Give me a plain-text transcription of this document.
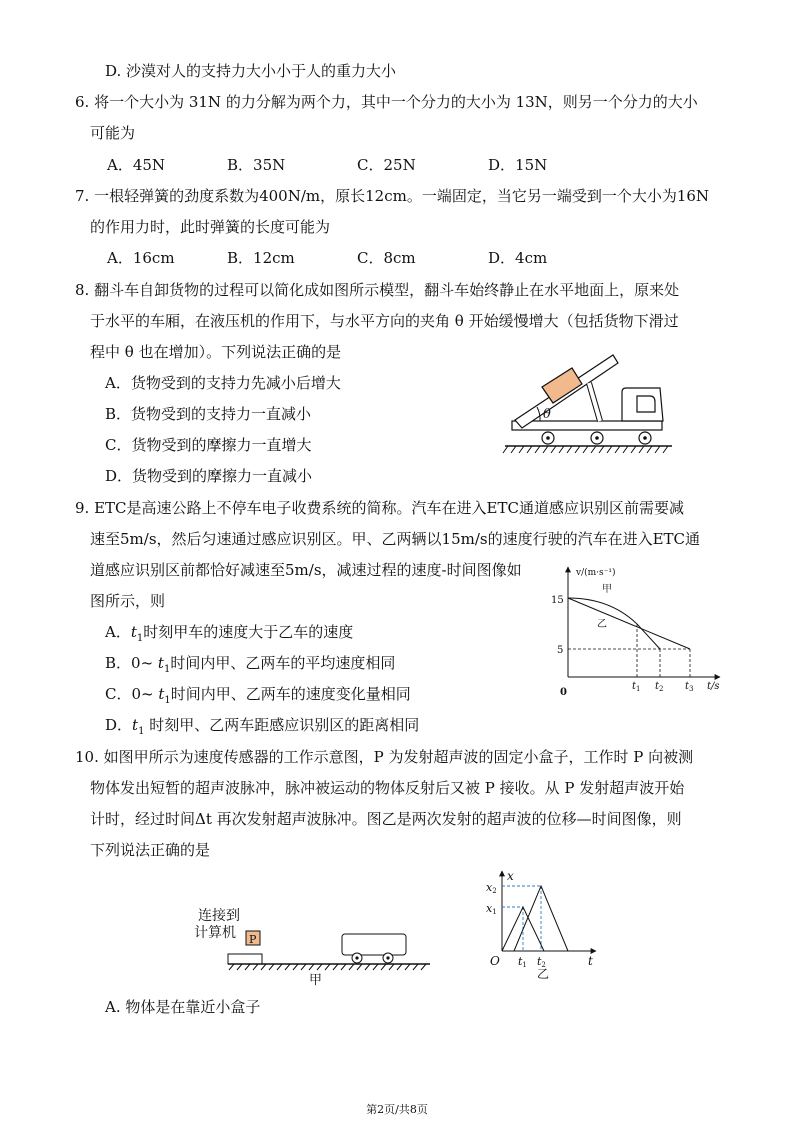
D. 沙漠对人的支持力大小小于人的重力大小
6. 将一个大小为 31N 的力分解为两个力，其中一个分力的大小为 13N，则另一个分力的大小
可能为
A．45N	B．35N	C．25N	D．15N
7. 一根轻弹簧的劲度系数为400N/m，原长12cm。一端固定，当它另一端受到一个大小为16N
的作用力时，此时弹簧的长度可能为
A．16cm	B．12cm	C．8cm	D．4cm
8. 翻斗车自卸货物的过程可以简化成如图所示模型，翻斗车始终静止在水平地面上，原来处
于水平的车厢，在液压机的作用下，与水平方向的夹角 θ 开始缓慢增大（包括货物下滑过
程中 θ 也在增加）。下列说法正确的是
A．货物受到的支持力先减小后增大
B．货物受到的支持力一直减小
C．货物受到的摩擦力一直增大
D．货物受到的摩擦力一直减小
θ
9. ETC是高速公路上不停车电子收费系统的简称。汽车在进入ETC通道感应识别区前需要减
速至5m/s，然后匀速通过感应识别区。甲、乙两辆以15m/s的速度行驶的汽车在进入ETC通
道感应识别区前都恰好减速至5m/s，减速过程的速度-时间图像如
图所示，则
A．$t_1$时刻甲车的速度大于乙车的速度
B．0~ $t_1$时间内甲、乙两车的平均速度相同
C．0~ $t_1$时间内甲、乙两车的速度变化量相同
D．$t_1$ 时刻甲、乙两车距感应识别区的距离相同
v/(m·s⁻¹)
15
5
0
甲
乙
$t_1$ $t_2$ $t_3$ t/s
10. 如图甲所示为速度传感器的工作示意图，P 为发射超声波的固定小盒子，工作时 P 向被测
物体发出短暂的超声波脉冲，脉冲被运动的物体反射后又被 P 接收。从 P 发射超声波开始
计时，经过时间Δt 再次发射超声波脉冲。图乙是两次发射的超声波的位移—时间图像，则
下列说法正确的是
连接到
计算机 P
甲
x
t
O
x2
x1
t1 t2
乙
A. 物体是在靠近小盒子
第2页/共8页
